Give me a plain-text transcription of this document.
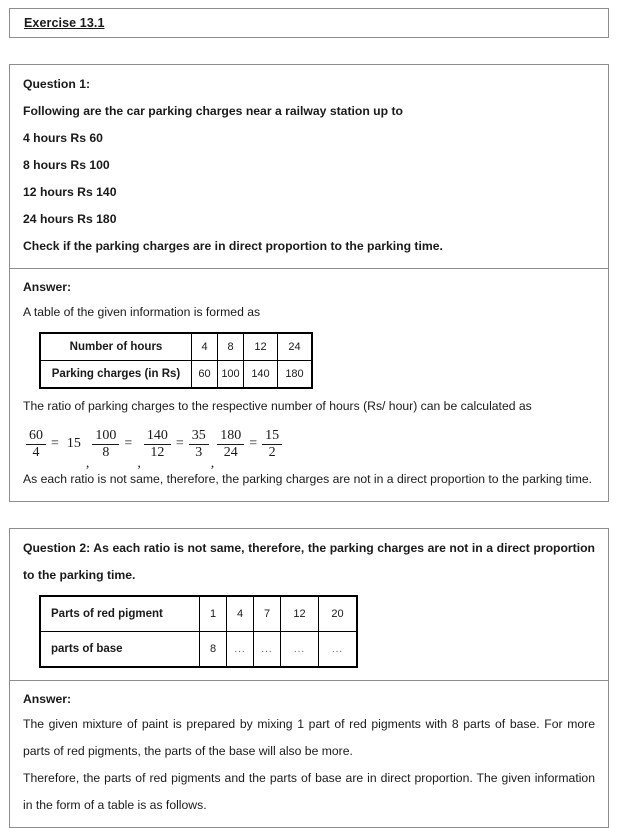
Exercise 13.1
Question 1:
Following are the car parking charges near a railway station up to
4 hours Rs 60
8 hours Rs 100
12 hours Rs 140
24 hours Rs 180
Check if the parking charges are in direct proportion to the parking time.
Answer:

A table of the given information is formed as

Number of hours	4	8	12	24
Parking charges (in Rs)	60	100	140	180

The ratio of parking charges to the respective number of hours (Rs/ hour) can be calculated as

$\frac{60}{4} = 15$
,
$\frac{100}{8}$ =
,
$\frac{140}{12} = \frac{35}{3}$
,
$\frac{180}{24} = \frac{15}{2}$

As each ratio is not same, therefore, the parking charges are not in a direct proportion to the parking time.

Question 2: As each ratio is not same, therefore, the parking charges are not in a direct proportion to the parking time.

Parts of red pigment	1	4	7	12	20
parts of base	8	...	...	...	...
Answer:

The given mixture of paint is prepared by mixing 1 part of red pigments with 8 parts of base. For more parts of red pigments, the parts of the base will also be more.

Therefore, the parts of red pigments and the parts of base are in direct proportion. The given information in the form of a table is as follows.
